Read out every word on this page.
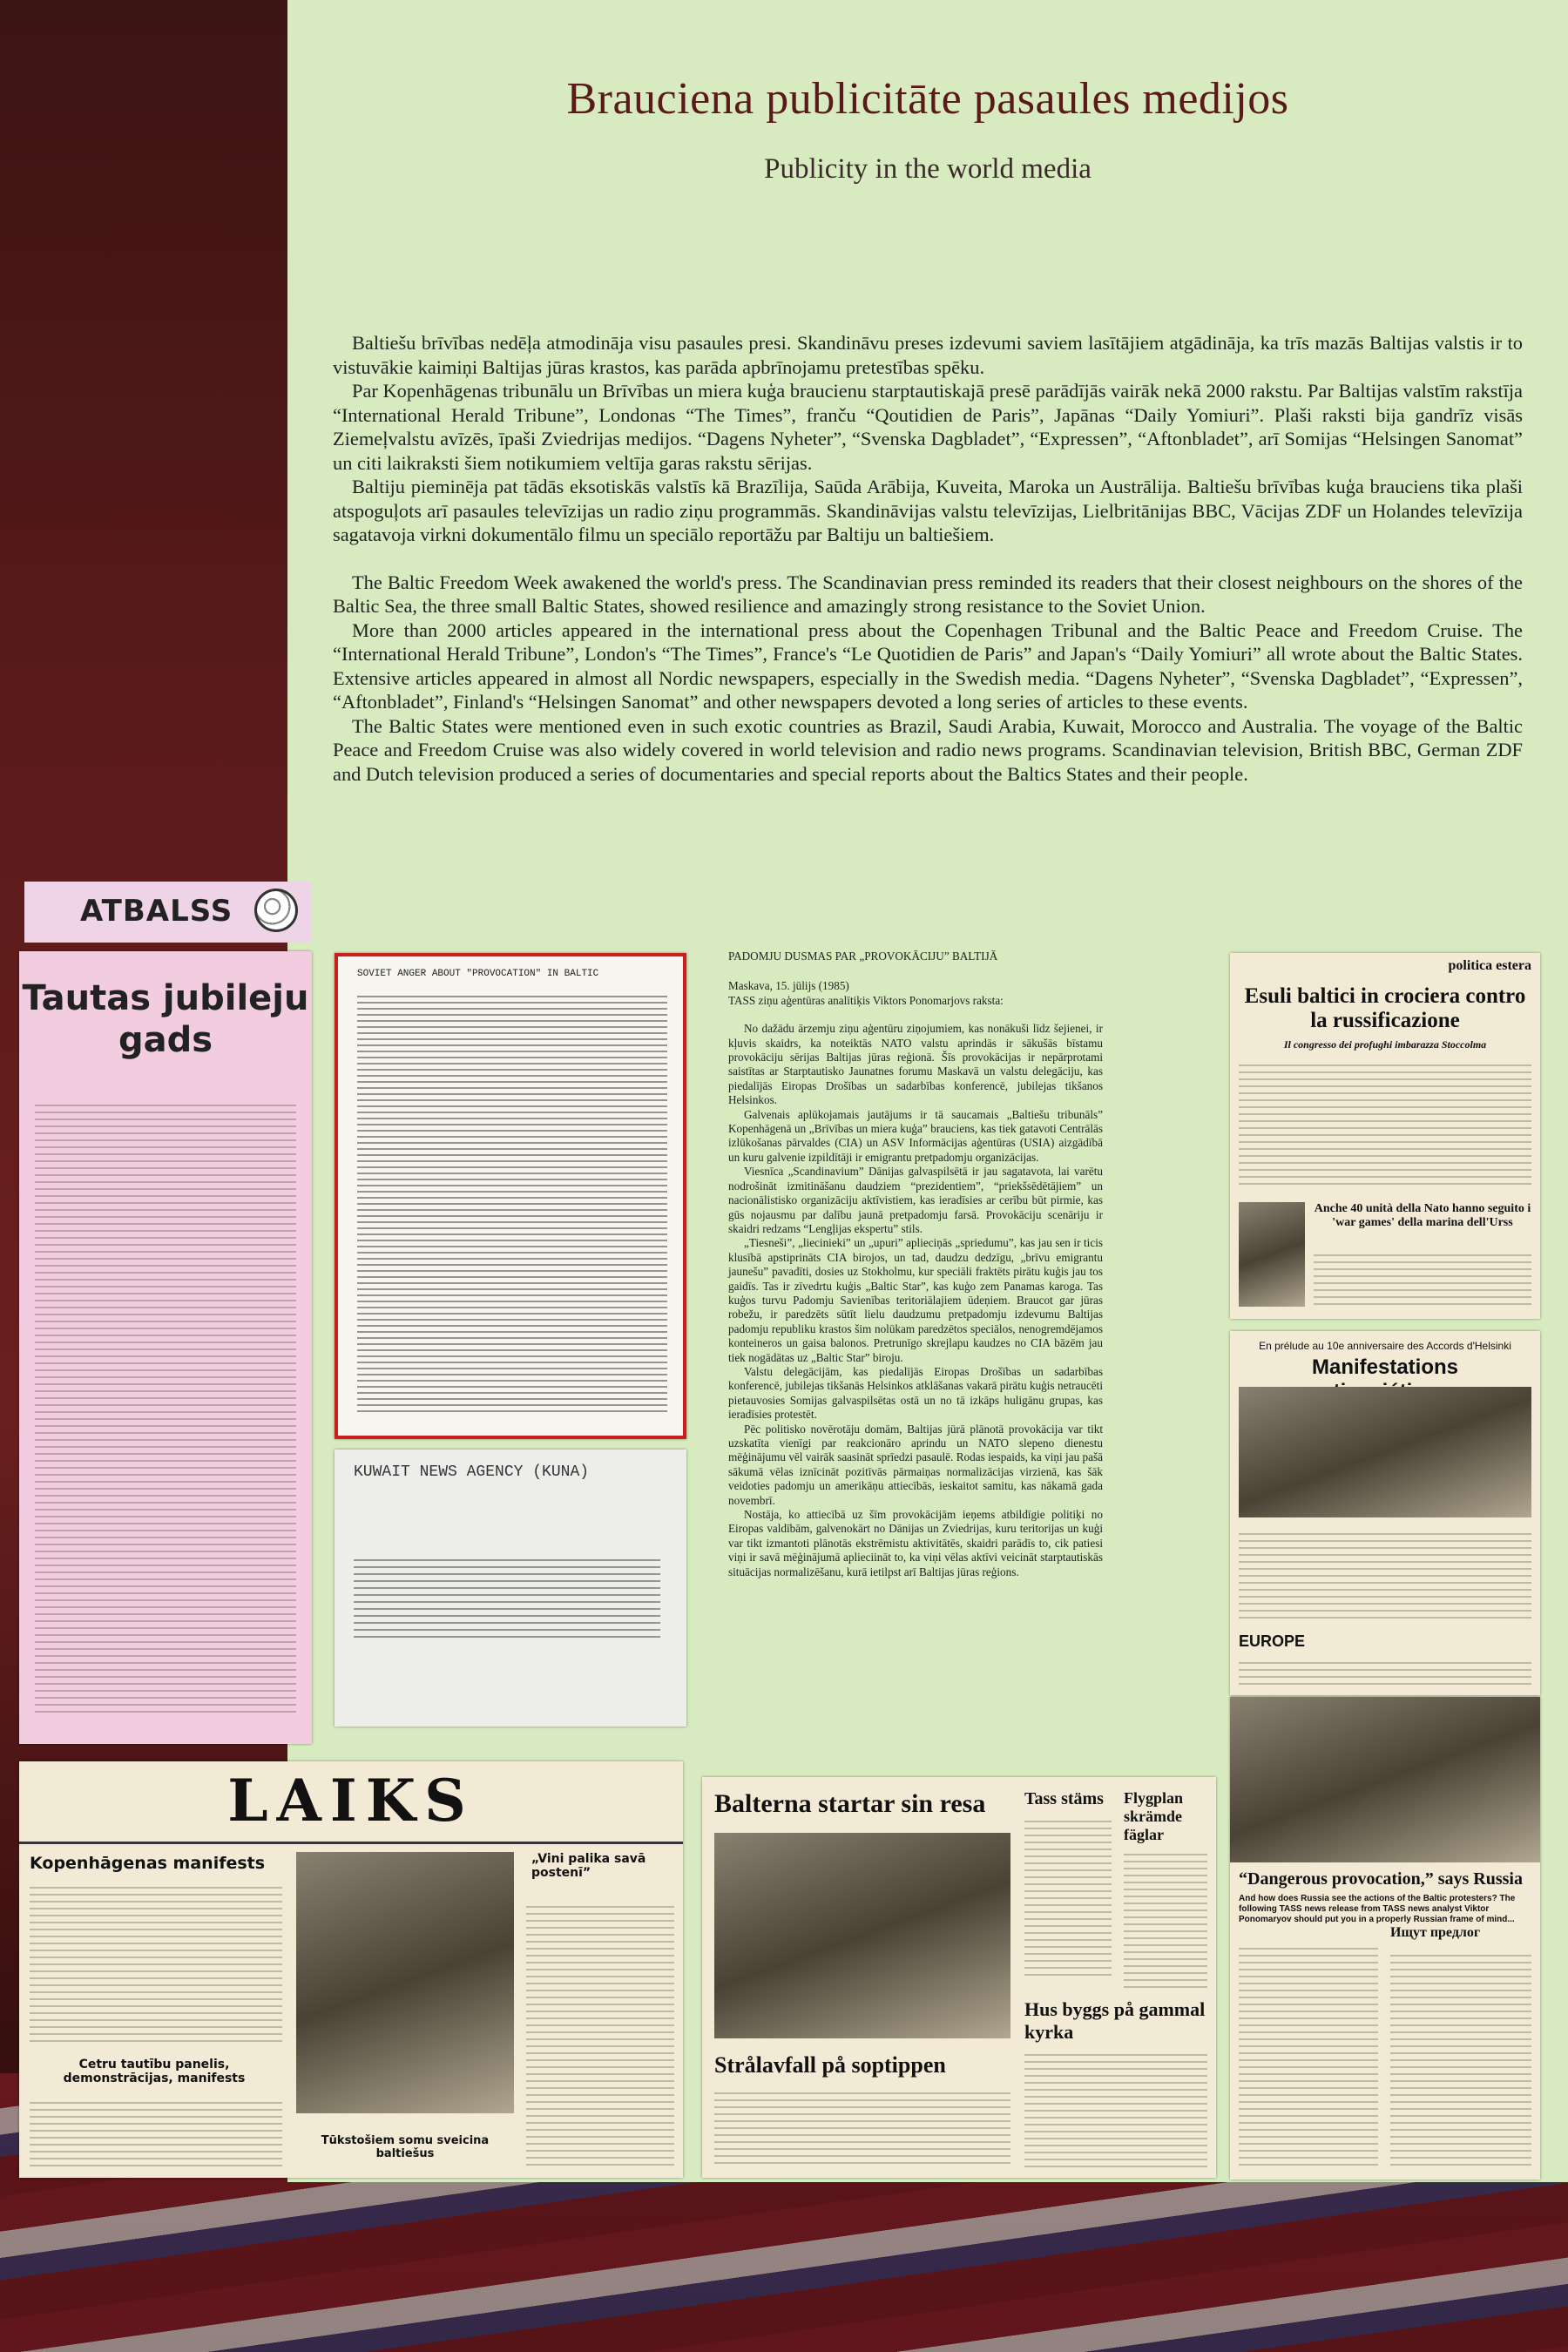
Brauciena publicitāte pasaules medijos
Publicity in the world media

Baltiešu brīvības nedēļa atmodināja visu pasaules presi. Skandināvu preses izdevumi saviem lasītājiem atgādināja, ka trīs mazās Baltijas valstis ir to vistuvākie kaimiņi Baltijas jūras krastos, kas parāda apbrīnojamu pretestības spēku.

Par Kopenhāgenas tribunālu un Brīvības un miera kuģa braucienu starptautiskajā presē parādījās vairāk nekā 2000 rakstu. Par Baltijas valstīm rakstīja “International Herald Tribune”, Londonas “The Times”, franču “Qoutidien de Paris”, Japānas “Daily Yomiuri”. Plaši raksti bija gandrīz visās Ziemeļvalstu avīzēs, īpaši Zviedrijas medijos. “Dagens Nyheter”, “Svenska Dagbladet”, “Expressen”, “Aftonbladet”, arī Somijas “Helsingen Sanomat” un citi laikraksti šiem notikumiem veltīja garas rakstu sērijas.

Baltiju pieminēja pat tādās eksotiskās valstīs kā Brazīlija, Saūda Arābija, Kuveita, Maroka un Austrālija. Baltiešu brīvības kuģa brauciens tika plaši atspoguļots arī pasaules televīzijas un radio ziņu programmās. Skandināvijas valstu televīzijas, Lielbritānijas BBC, Vācijas ZDF un Holandes televīzija sagatavoja virkni dokumentālo filmu un speciālo reportāžu par Baltiju un baltiešiem.

The Baltic Freedom Week awakened the world's press. The Scandinavian press reminded its readers that their closest neighbours on the shores of the Baltic Sea, the three small Baltic States, showed resilience and amazingly strong resistance to the Soviet Union.

More than 2000 articles appeared in the international press about the Copenhagen Tribunal and the Baltic Peace and Freedom Cruise. The “International Herald Tribune”, London's “The Times”, France's “Le Quotidien de Paris” and Japan's “Daily Yomiuri” all wrote about the Baltic States. Extensive articles appeared in almost all Nordic newspapers, especially in the Swedish media. “Dagens Nyheter”, “Svenska Dagbladet”, “Expressen”, “Aftonbladet”, Finland's “Helsingen Sanomat” and other newspapers devoted a long series of articles to these events.

The Baltic States were mentioned even in such exotic countries as Brazil, Saudi Arabia, Kuwait, Morocco and Australia. The voyage of the Baltic Peace and Freedom Cruise was also widely covered in world television and radio news programs. Scandinavian television, British BBC, German ZDF and Dutch television produced a series of documentaries and special reports about the Baltics States and their people.

ATBALSS
Tautas jubileju gads
SOVIET ANGER ABOUT "PROVOCATION" IN BALTIC
KUWAIT NEWS AGENCY (KUNA)

PADOMJU DUSMAS PAR „PROVOKĀCIJU” BALTIJĀ

Maskava, 15. jūlijs (1985)

TASS ziņu aģentūras analītiķis Viktors Ponomarjovs raksta:

No dažādu ārzemju ziņu aģentūru ziņojumiem, kas nonākuši līdz šejienei, ir kļuvis skaidrs, ka noteiktās NATO valstu aprindās ir sākušās bīstamu provokāciju sērijas Baltijas jūras reģionā. Šīs provokācijas ir nepārprotami saistītas ar Starptautisko Jaunatnes forumu Maskavā un valstu delegāciju, kas piedalījās Eiropas Drošības un sadarbības konferencē, jubilejas tikšanos Helsinkos.

Galvenais aplūkojamais jautājums ir tā saucamais „Baltiešu tribunāls” Kopenhāgenā un „Brīvības un miera kuģa” brauciens, kas tiek gatavoti Centrālās izlūkošanas pārvaldes (CIA) un ASV Informācijas aģentūras (USIA) aizgādībā un kuru galvenie izpildītāji ir emigrantu pretpadomju organizācijas.

Viesnīca „Scandinavium” Dānijas galvaspilsētā ir jau sagatavota, lai varētu nodrošināt izmitināšanu daudziem “prezidentiem”, “priekšsēdētājiem” un nacionālistisko organizāciju aktīvistiem, kas ieradīsies ar cerību būt pirmie, kas gūs nojausmu par dalību jaunā pretpadomju farsā. Provokāciju scenāriju ir skaidri redzams “Lengļijas ekspertu” stils.

„Tiesneši”, „liecinieki” un „upuri” aplieciņās „spriedumu”, kas jau sen ir ticis klusībā apstiprināts CIA birojos, un tad, daudzu dedzīgu, „brīvu emigrantu jaunešu” pavadīti, dosies uz Stokholmu, kur speciāli fraktēts pirātu kuģis jau tos gaidīs. Tas ir zīvedrtu kuģis „Baltic Star”, kas kuģo zem Panamas karoga. Tas kuģos turvu Padomju Savienības teritoriālajiem ūdeņiem. Braucot gar jūras robežu, ir paredzēts sūtīt lielu daudzumu pretpadomju izdevumu Baltijas padomju republiku krastos šim nolūkam paredzētos speciālos, nenogremdējamos konteineros un gaisa balonos. Pretrunīgo skrejlapu kaudzes no CIA bāzēm jau tiek nogādātas uz „Baltic Star” biroju.

Valstu delegācijām, kas piedalījās Eiropas Drošības un sadarbības konferencē, jubilejas tikšanās Helsinkos atklāšanas vakarā pirātu kuģis netraucēti pietauvosies Somijas galvaspilsētas ostā un no tā izkāps huligānu grupas, kas ieradīsies protestēt.

Pēc politisko novērotāju domām, Baltijas jūrā plānotā provokācija var tikt uzskatīta vienīgi par reakcionāro aprindu un NATO slepeno dienestu mēģinājumu vēl vairāk saasināt sprīedzi pasaulē. Rodas iespaids, ka viņi jau pašā sākumā vēlas iznīcināt pozitīvās pārmaiņas normalizācijas virzienā, kas šāk veidoties padomju un amerikāņu attiecībās, ieskaitot samitu, kas nākamā gada novembrī.

Nostāja, ko attiecībā uz šīm provokācijām ieņems atbildīgie politiķi no Eiropas valdībām, galvenokārt no Dānijas un Zviedrijas, kuru teritorijas un kuģi var tikt izmantoti plānotās ekstrēmistu aktivitātēs, skaidri parādīs to, cik patiesi viņi ir savā mēģinājumā aplieciināt to, ka viņi vēlas aktīvi veicināt starptautiskās situācijas normalizēšanu, kurā ietilpst arī Baltijas jūras reģions.

LAIKS
Kopenhāgenas manifests
Cetru tautību panelis, demonstrācijas, manifests
Tūkstošiem somu sveicina baltiešus
„Vini palika savā postenī”
Balterna startar sin resa
Strålavfall på soptippen
Tass stäms Flygplan skrämde fäglar
Hus byggs på gammal kyrka
politica estera
Esuli baltici in crociera contro la russificazione
Il congresso dei profughi imbarazza Stoccolma
Anche 40 unità della Nato hanno seguito i 'war games' della marina dell'Urss
En prélude au 10e anniversaire des Accords d'Helsinki
Manifestations
EUROPE
“Dangerous provocation,” says Russia
And how does Russia see the actions of the Baltic protesters? The following TASS news release from TASS news analyst Viktor Ponomaryov should put you in a properly Russian frame of mind...
Ищут предлог
